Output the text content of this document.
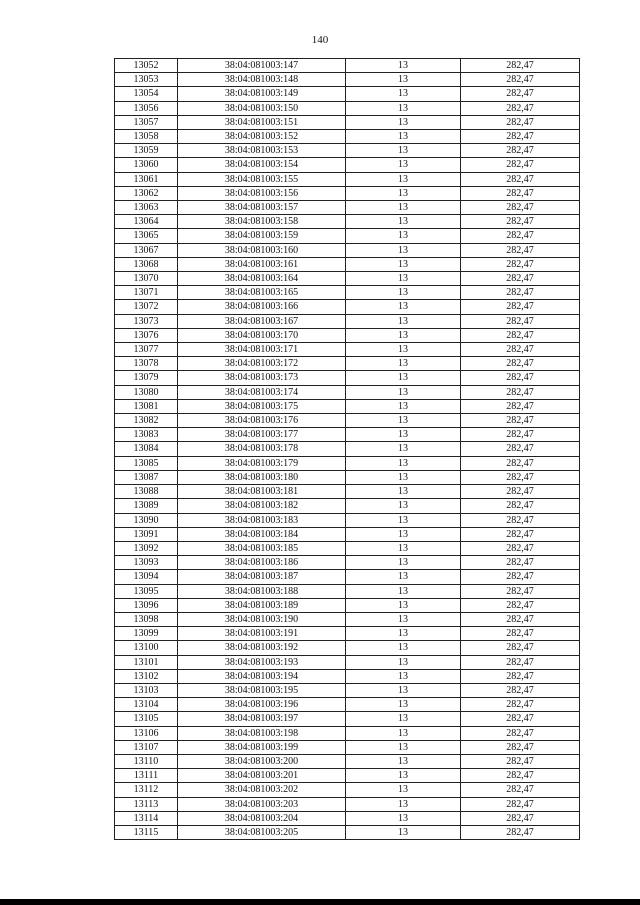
140
13052	38:04:081003:147	13	282,47
13053	38:04:081003:148	13	282,47
13054	38:04:081003:149	13	282,47
13056	38:04:081003:150	13	282,47
13057	38:04:081003:151	13	282,47
13058	38:04:081003:152	13	282,47
13059	38:04:081003:153	13	282,47
13060	38:04:081003:154	13	282,47
13061	38:04:081003:155	13	282,47
13062	38:04:081003:156	13	282,47
13063	38:04:081003:157	13	282,47
13064	38:04:081003:158	13	282,47
13065	38:04:081003:159	13	282,47
13067	38:04:081003:160	13	282,47
13068	38:04:081003:161	13	282,47
13070	38:04:081003:164	13	282,47
13071	38:04:081003:165	13	282,47
13072	38:04:081003:166	13	282,47
13073	38:04:081003:167	13	282,47
13076	38:04:081003:170	13	282,47
13077	38:04:081003:171	13	282,47
13078	38:04:081003:172	13	282,47
13079	38:04:081003:173	13	282,47
13080	38:04:081003:174	13	282,47
13081	38:04:081003:175	13	282,47
13082	38:04:081003:176	13	282,47
13083	38:04:081003:177	13	282,47
13084	38:04:081003:178	13	282,47
13085	38:04:081003:179	13	282,47
13087	38:04:081003:180	13	282,47
13088	38:04:081003:181	13	282,47
13089	38:04:081003:182	13	282,47
13090	38:04:081003:183	13	282,47
13091	38:04:081003:184	13	282,47
13092	38:04:081003:185	13	282,47
13093	38:04:081003:186	13	282,47
13094	38:04:081003:187	13	282,47
13095	38:04:081003:188	13	282,47
13096	38:04:081003:189	13	282,47
13098	38:04:081003:190	13	282,47
13099	38:04:081003:191	13	282,47
13100	38:04:081003:192	13	282,47
13101	38:04:081003:193	13	282,47
13102	38:04:081003:194	13	282,47
13103	38:04:081003:195	13	282,47
13104	38:04:081003:196	13	282,47
13105	38:04:081003:197	13	282,47
13106	38:04:081003:198	13	282,47
13107	38:04:081003:199	13	282,47
13110	38:04:081003:200	13	282,47
13111	38:04:081003:201	13	282,47
13112	38:04:081003:202	13	282,47
13113	38:04:081003:203	13	282,47
13114	38:04:081003:204	13	282,47
13115	38:04:081003:205	13	282,47
